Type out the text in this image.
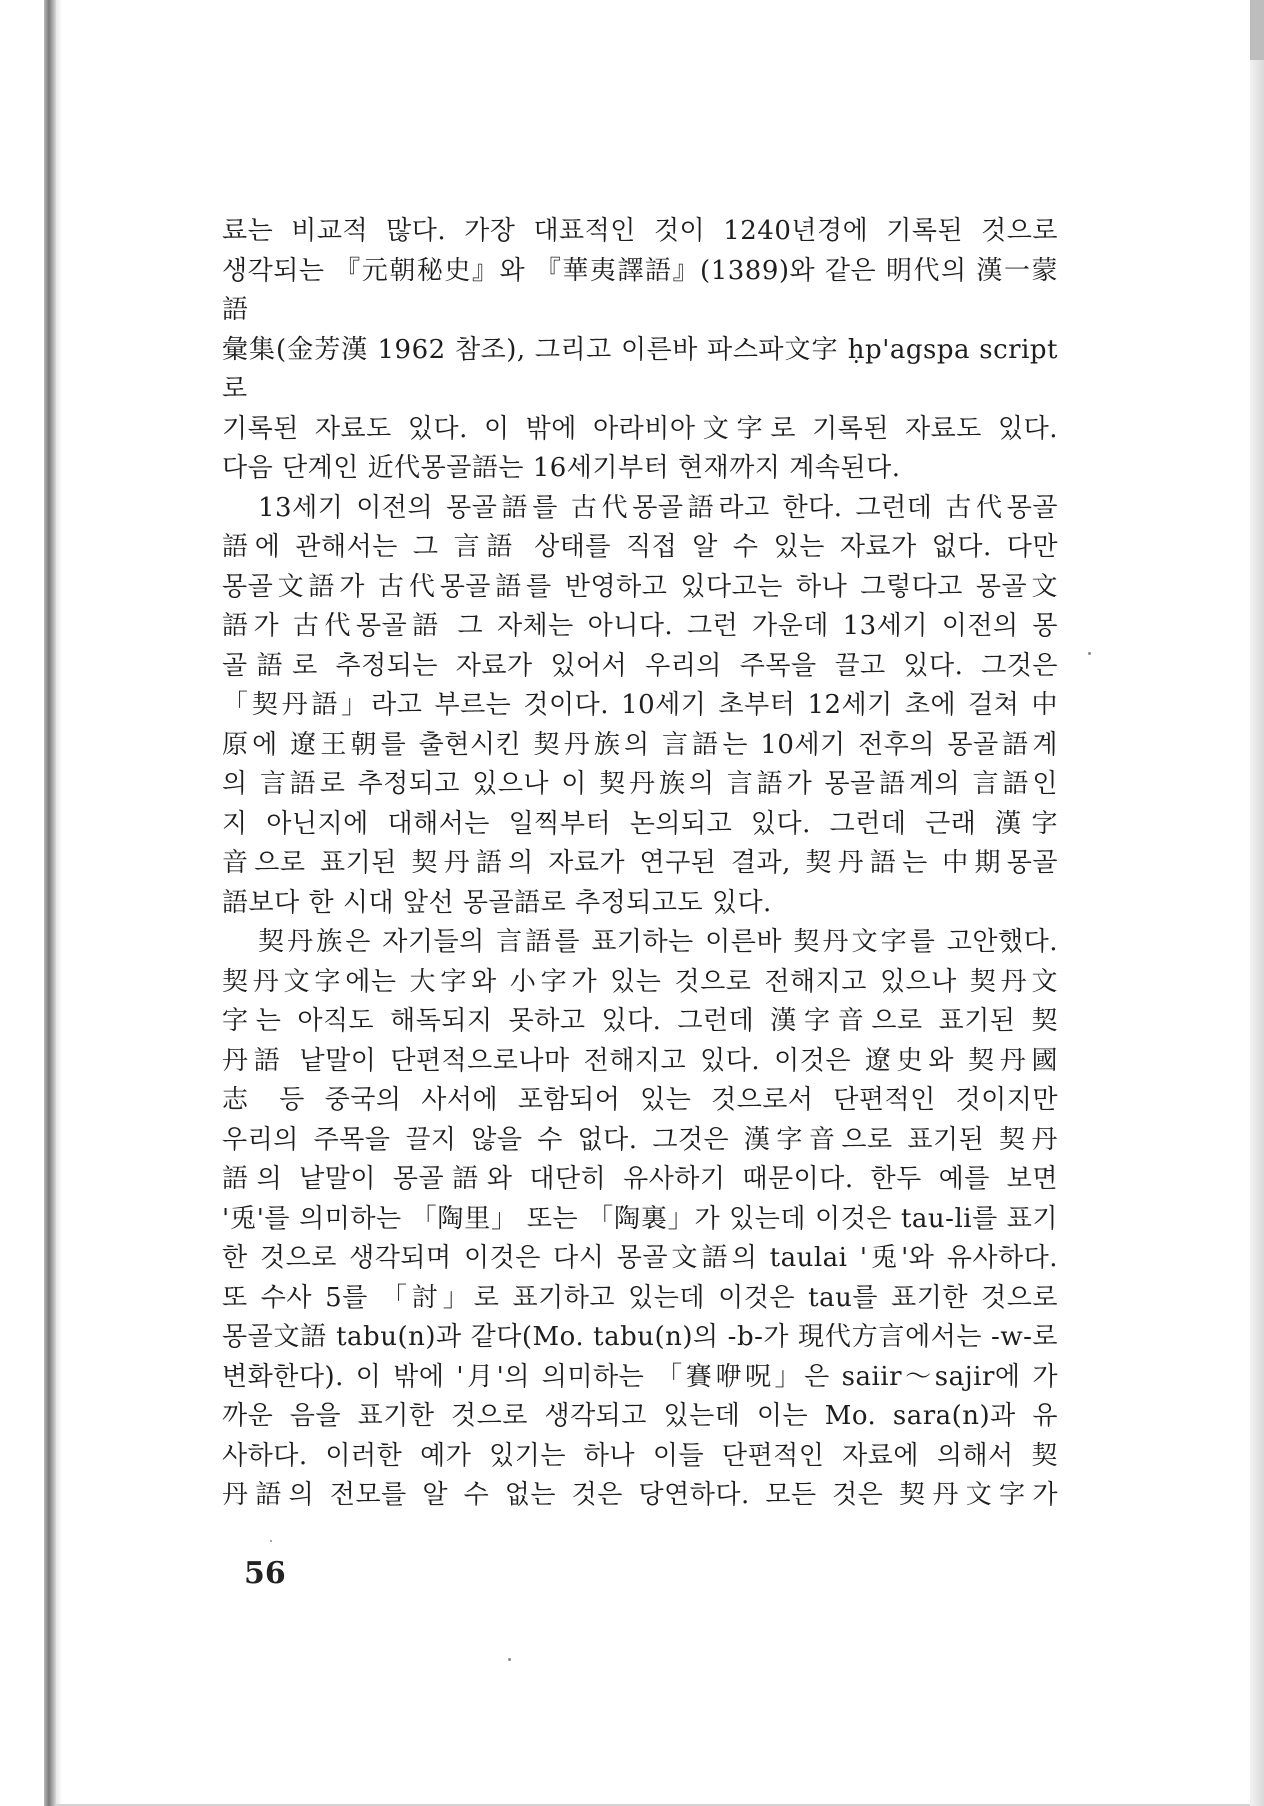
료는 비교적 많다. 가장 대표적인 것이 1240년경에 기록된 것으로

생각되는 『元朝秘史』와 『華夷譯語』(1389)와 같은 明代의 漢一蒙語

彙集(金芳漢 1962 참조), 그리고 이른바 파스파文字 ḥp'agspa script로

기록된 자료도 있다. 이 밖에 아라비아文字로 기록된 자료도 있다.

다음 단계인 近代몽골語는 16세기부터 현재까지 계속된다.

13세기 이전의 몽골語를 古代몽골語라고 한다. 그런데 古代몽골

語에 관해서는 그 言語 상태를 직접 알 수 있는 자료가 없다. 다만

몽골文語가 古代몽골語를 반영하고 있다고는 하나 그렇다고 몽골文

語가 古代몽골語 그 자체는 아니다. 그런 가운데 13세기 이전의 몽

골語로 추정되는 자료가 있어서 우리의 주목을 끌고 있다. 그것은

「契丹語」라고 부르는 것이다. 10세기 초부터 12세기 초에 걸쳐 中

原에 遼王朝를 출현시킨 契丹族의 言語는 10세기 전후의 몽골語계

의 言語로 추정되고 있으나 이 契丹族의 言語가 몽골語계의 言語인

지 아닌지에 대해서는 일찍부터 논의되고 있다. 그런데 근래 漢字

音으로 표기된 契丹語의 자료가 연구된 결과, 契丹語는 中期몽골

語보다 한 시대 앞선 몽골語로 추정되고도 있다.

契丹族은 자기들의 言語를 표기하는 이른바 契丹文字를 고안했다.

契丹文字에는 大字와 小字가 있는 것으로 전해지고 있으나 契丹文

字는 아직도 해독되지 못하고 있다. 그런데 漢字音으로 표기된 契

丹語 낱말이 단편적으로나마 전해지고 있다. 이것은 遼史와 契丹國

志 등 중국의 사서에 포함되어 있는 것으로서 단편적인 것이지만

우리의 주목을 끌지 않을 수 없다. 그것은 漢字音으로 표기된 契丹

語의 낱말이 몽골語와 대단히 유사하기 때문이다. 한두 예를 보면

'兎'를 의미하는 「陶里」 또는 「陶裏」가 있는데 이것은 tau-li를 표기

한 것으로 생각되며 이것은 다시 몽골文語의 taulai '兎'와 유사하다.

또 수사 5를 「討」로 표기하고 있는데 이것은 tau를 표기한 것으로

몽골文語 tabu(n)과 같다(Mo. tabu(n)의 -b-가 現代方言에서는 -w-로

변화한다). 이 밖에 '月'의 의미하는 「賽咿呪」은 saiir～sajir에 가

까운 음을 표기한 것으로 생각되고 있는데 이는 Mo. sara(n)과 유

사하다. 이러한 예가 있기는 하나 이들 단편적인 자료에 의해서 契

丹語의 전모를 알 수 없는 것은 당연하다. 모든 것은 契丹文字가

56
